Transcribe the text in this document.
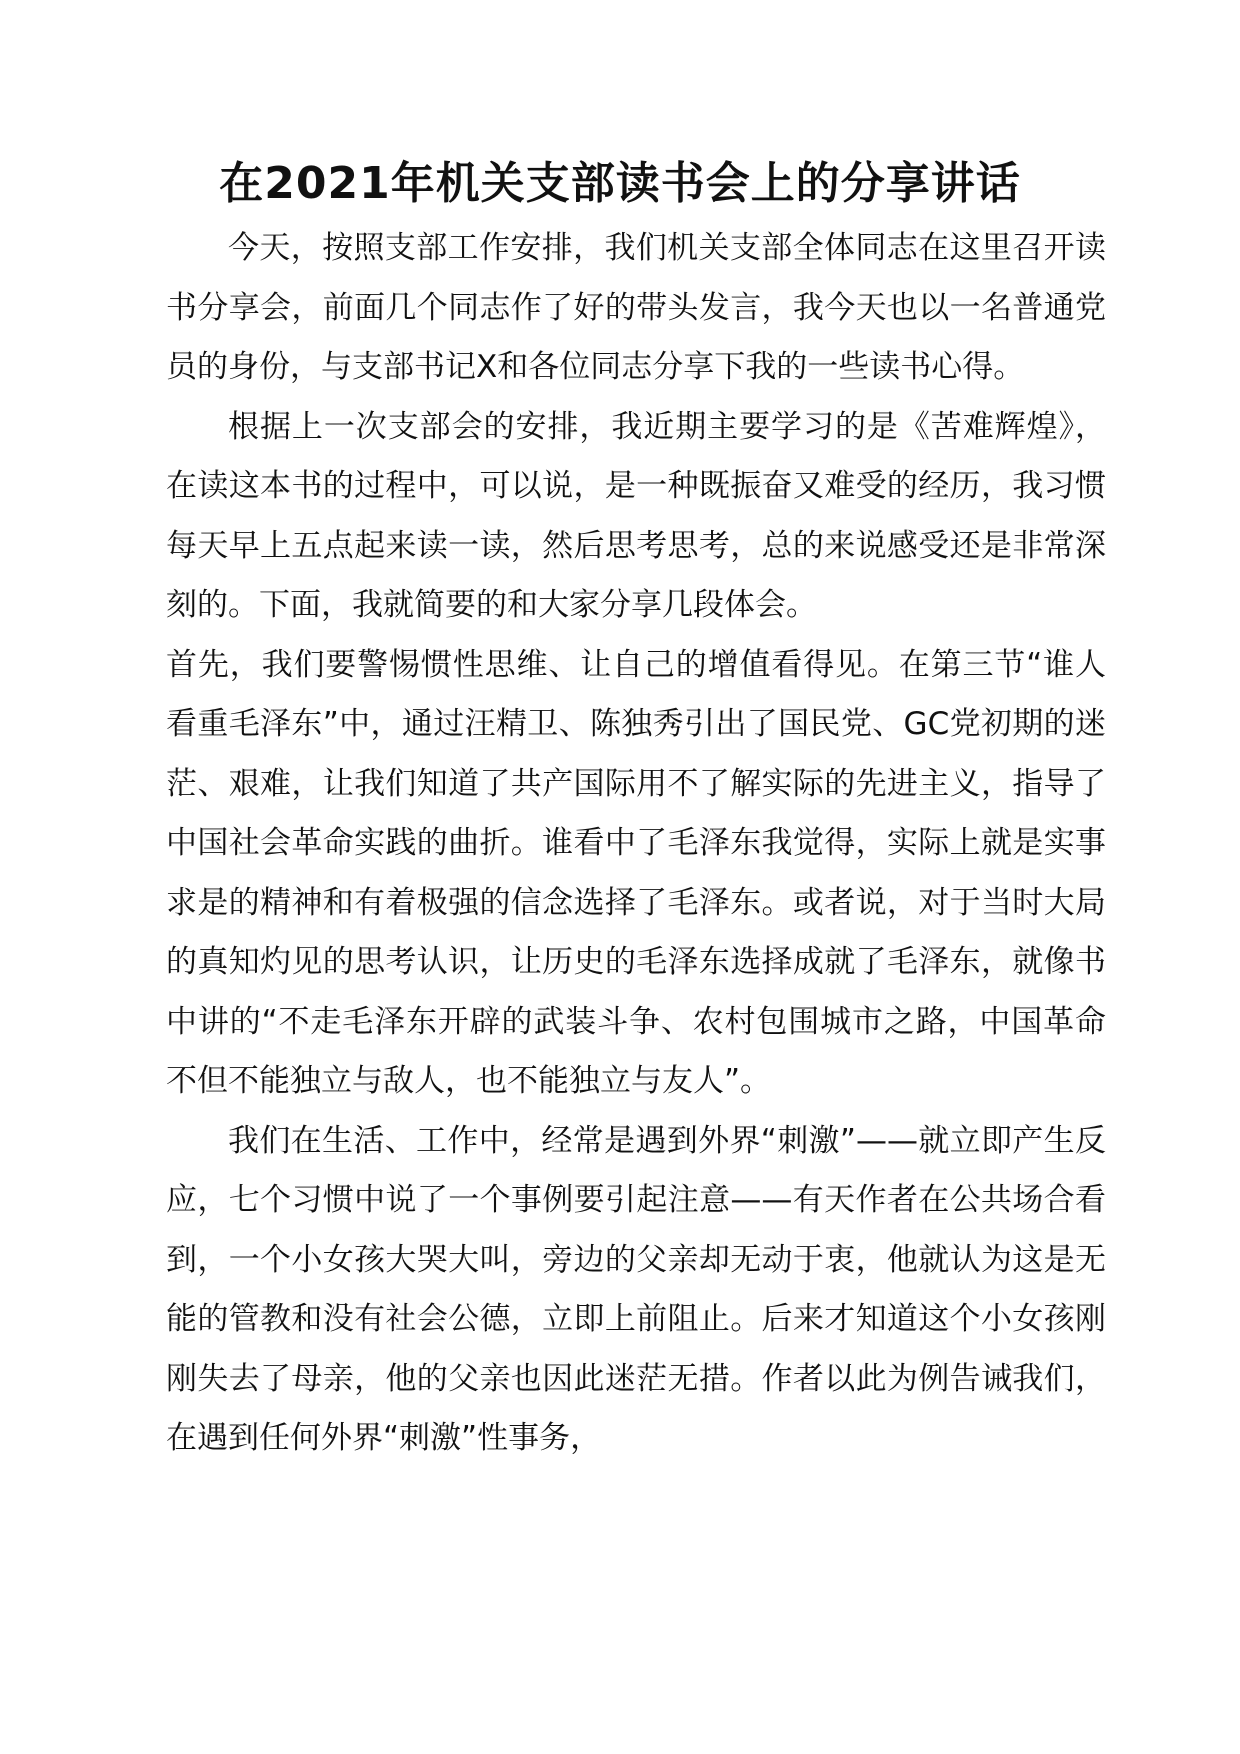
在2021年机关支部读书会上的分享讲话

今天，按照支部工作安排，我们机关支部全体同志在这里召开读书分享会，前面几个同志作了好的带头发言，我今天也以一名普通党员的身份，与支部书记X和各位同志分享下我的一些读书心得。

根据上一次支部会的安排，我近期主要学习的是《苦难辉煌》，在读这本书的过程中，可以说，是一种既振奋又难受的经历，我习惯每天早上五点起来读一读，然后思考思考，总的来说感受还是非常深刻的。下面，我就简要的和大家分享几段体会。

首先，我们要警惕惯性思维、让自己的增值看得见。在第三节“谁人看重毛泽东”中，通过汪精卫、陈独秀引出了国民党、GC党初期的迷茫、艰难，让我们知道了共产国际用不了解实际的先进主义，指导了中国社会革命实践的曲折。谁看中了毛泽东我觉得，实际上就是实事求是的精神和有着极强的信念选择了毛泽东。或者说，对于当时大局的真知灼见的思考认识，让历史的毛泽东选择成就了毛泽东，就像书中讲的“不走毛泽东开辟的武装斗争、农村包围城市之路，中国革命不但不能独立与敌人，也不能独立与友人”。

我们在生活、工作中，经常是遇到外界“刺激”——就立即产生反应，七个习惯中说了一个事例要引起注意——有天作者在公共场合看到，一个小女孩大哭大叫，旁边的父亲却无动于衷，他就认为这是无能的管教和没有社会公德，立即上前阻止。后来才知道这个小女孩刚刚失去了母亲，他的父亲也因此迷茫无措。作者以此为例告诫我们，在遇到任何外界“刺激”性事务，
